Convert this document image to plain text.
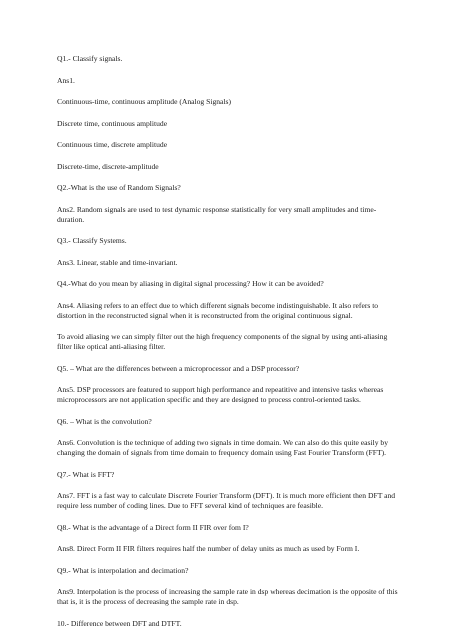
Q1.- Classify signals.

Ans1.

Continuous-time, continuous amplitude (Analog Signals)

Discrete time, continuous amplitude

Continuous time, discrete amplitude

Discrete-time, discrete-amplitude

Q2.-What is the use of Random Signals?

Ans2. Random signals are used to test dynamic response statistically for very small amplitudes and time-
duration.

Q3.- Classify Systems.

Ans3. Linear, stable and time-invariant.

Q4.-What do you mean by aliasing in digital signal processing? How it can be avoided?

Ans4. Aliasing refers to an effect due to which different signals become indistinguishable. It also refers to
distortion in the reconstructed signal when it is reconstructed from the original continuous signal.

To avoid aliasing we can simply filter out the high frequency components of the signal by using anti-aliasing
filter like optical anti-aliasing filter.

Q5. – What are the differences between a microprocessor and a DSP processor?

Ans5. DSP processors are featured to support high performance and repeatitive and intensive tasks whereas
microprocessors are not application specific and they are designed to process control-oriented tasks.

Q6. – What is the convolution?

Ans6. Convolution is the technique of adding two signals in time domain. We can also do this quite easily by
changing the domain of signals from time domain to frequency domain using Fast Fourier Transform (FFT).

Q7.- What is FFT?

Ans7. FFT is a fast way to calculate Discrete Fourier Transform (DFT). It is much more efficient then DFT and
require less number of coding lines. Due to FFT several kind of techniques are feasible.

Q8.- What is the advantage of a Direct form II FIR over fom I?

Ans8. Direct Form II FIR filters requires half the number of delay units as much as used by Form I.

Q9.- What is interpolation and decimation?

Ans9. Interpolation is the process of increasing the sample rate in dsp whereas decimation is the opposite of this
that is, it is the process of decreasing the sample rate in dsp.

10.- Difference between DFT and DTFT.
